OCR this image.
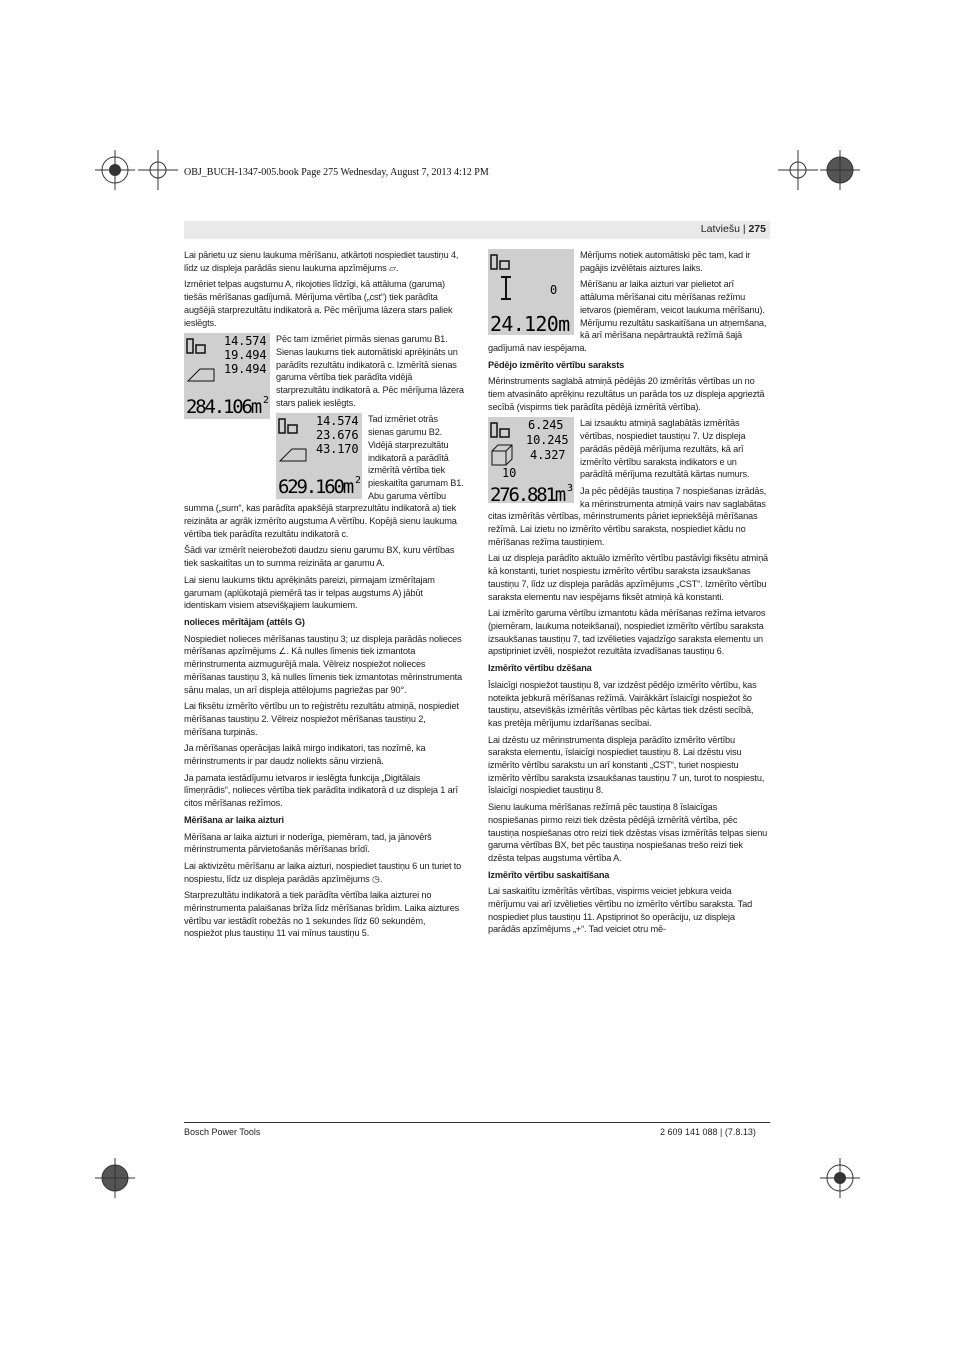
OBJ_BUCH-1347-005.book Page 275 Wednesday, August 7, 2013 4:12 PM
Latviešu | 275

Lai pārietu uz sienu laukuma mērīšanu, atkārtoti nospiediet taustiņu 4, līdz uz displeja parādās sienu laukuma apzīmējums ▱.

Izmēriet telpas augstumu A, rikojoties līdzīgi, kā attāluma (garuma) tiešās mērīšanas gadījumā. Mērījuma vērtība („cst“) tiek parādīta augšējā starprezultātu indikatorā a. Pēc mērījuma lāzera stars paliek ieslēgts.

14.574
19.494
19.494
284.106m 2

Pēc tam izmēriet pirmās sienas garumu B1. Sienas laukums tiek automātiski aprēķināts un parādīts rezultātu indikatorā c. Izmērītā sienas garuma vērtība tiek parādīta vidējā starprezultātu indikatorā a. Pēc mērījuma lāzera stars paliek ieslēgts.

14.574
23.676
43.170
629.160m 2

Tad izmēriet otrās sienas garumu B2. Vidējā starprezultātu indikatorā a parādītā izmērītā vērtība tiek pieskaitīta garumam B1. Abu garuma vērtību summa („sum“, kas parādīta apakšējā starprezultātu indikatorā a) tiek reizināta ar agrāk izmērīto augstuma A vērtību. Kopējā sienu laukuma vērtība tiek parādīta rezultātu indikatorā c.

Šādi var izmērīt neierobežoti daudzu sienu garumu BX, kuru vērtības tiek saskaitītas un to summa reizināta ar garumu A.

Lai sienu laukums tiktu aprēķināts pareizi, pirmajam izmērītajam garumam (aplūkotajā piemērā tas ir telpas augstums A) jābūt identiskam visiem atsevišķajiem laukumiem.

nolieces mērītājam (attēls G)

Nospiediet nolieces mērīšanas taustiņu 3; uz displeja parādās nolieces mērīšanas apzīmējums ∠. Kā nulles līmenis tiek izmantota mērinstrumenta aizmugurējā mala. Vēlreiz nospiežot nolieces mērīšanas taustiņu 3, kā nulles līmenis tiek izmantotas mērinstrumenta sānu malas, un arī displeja attēlojums pagriežas par 90°.

Lai fiksētu izmērīto vērtību un to reģistrētu rezultātu atmiņā, nospiediet mērīšanas taustiņu 2. Vēlreiz nospiežot mērīšanas taustiņu 2, mērīšana turpinās.

Ja mērīšanas operācijas laikā mirgo indikatori, tas nozīmē, ka mērinstruments ir par daudz noliekts sānu virzienā.

Ja pamata iestādījumu ietvaros ir ieslēgta funkcija „Digitālais līmeņrādis“, nolieces vērtība tiek parādīta indikatorā d uz displeja 1 arī citos mērīšanas režīmos.

Mērīšana ar laika aizturi

Mērīšana ar laika aizturi ir noderīga, piemēram, tad, ja jānovērš mērinstrumenta pārvietošanās mērīšanas brīdī.

Lai aktivizētu mērīšanu ar laika aizturi, nospiediet taustiņu 6 un turiet to nospiestu, līdz uz displeja parādās apzīmējums ◷.

Starprezultātu indikatorā a tiek parādīta vērtība laika aizturei no mērinstrumenta palaišanas brīža līdz mērīšanas brīdim. Laika aiztures vērtību var iestādīt robežās no 1 sekundes līdz 60 sekundēm, nospiežot plus taustiņu 11 vai mīnus taustiņu 5.

0
24.120m

Mērījums notiek automātiski pēc tam, kad ir pagājis izvēlētais aiztures laiks.

Mērīšanu ar laika aizturi var pielietot arī attāluma mērīšanai citu mērīšanas režīmu ietvaros (piemēram, veicot laukuma mērīšanu). Mērījumu rezultātu saskaitīšana un atņemšana, kā arī mērīšana nepārtrauktā režīmā šajā gadījumā nav iespējama.

Pēdējo izmērīto vērtību saraksts

Mērinstruments saglabā atmiņā pēdējās 20 izmērītās vērtības un no tiem atvasināto aprēķinu rezultātus un parāda tos uz displeja apgrieztā secībā (vispirms tiek parādīta pēdējā izmērītā vērtība).

6.245
10.245
4.327
10
276.881m 3

Lai izsauktu atmiņā saglabātās izmērītās vērtības, nospiediet taustiņu 7. Uz displeja parādās pēdējā mērījuma rezultāts, kā arī izmērīto vērtību saraksta indikators e un parādītā mērījuma rezultātā kārtas numurs.

Ja pēc pēdējās taustiņa 7 nospiešanas izrādās, ka mērinstrumenta atmiņā vairs nav saglabātas citas izmērītās vērtības, mērinstruments pāriet iepriekšējā mērīšanas režīmā. Lai izietu no izmērīto vērtību saraksta, nospiediet kādu no mērīšanas režīma taustiņiem.

Lai uz displeja parādīto aktuālo izmērīto vērtību pastāvīgi fiksētu atmiņā kā konstanti, turiet nospiestu izmērīto vērtību saraksta izsaukšanas taustiņu 7, līdz uz displeja parādās apzīmējums „CST“. Izmērīto vērtību saraksta elementu nav iespējams fiksēt atmiņā kā konstanti.

Lai izmērīto garuma vērtību izmantotu kāda mērīšanas režīma ietvaros (piemēram, laukuma noteikšanai), nospiediet izmērīto vērtību saraksta izsaukšanas taustiņu 7, tad izvēlieties vajadzīgo saraksta elementu un apstipriniet izvēli, nospiežot rezultāta izvadīšanas taustiņu 6.

Izmērīto vērtību dzēšana

Īslaicīgi nospiežot taustiņu 8, var izdzēst pēdējo izmērīto vērtību, kas noteikta jebkurā mērīšanas režīmā. Vairākkārt īslaicīgi nospiežot šo taustiņu, atsevišķās izmērītās vērtības pēc kārtas tiek dzēsti secībā, kas pretēja mērījumu izdarīšanas secībai.

Lai dzēstu uz mērinstrumenta displeja parādīto izmērīto vērtību saraksta elementu, īslaicīgi nospiediet taustiņu 8. Lai dzēstu visu izmērīto vērtību sarakstu un arī konstanti „CST“, turiet nospiestu izmērīto vērtību saraksta izsaukšanas taustiņu 7 un, turot to nospiestu, īslaicīgi nospiediet taustiņu 8.

Sienu laukuma mērīšanas režīmā pēc taustiņa 8 īslaicīgas nospiešanas pirmo reizi tiek dzēsta pēdējā izmērītā vērtība, pēc taustiņa nospiešanas otro reizi tiek dzēstas visas izmērītās telpas sienu garuma vērtības BX, bet pēc taustiņa nospiešanas trešo reizi tiek dzēsta telpas augstuma vērtība A.

Izmērīto vērtību saskaitīšana

Lai saskaitītu izmērītās vērtības, vispirms veiciet jebkura veida mērījumu vai arī izvēlieties vērtību no izmērīto vērtību saraksta. Tad nospiediet plus taustiņu 11. Apstiprinot šo operāciju, uz displeja parādās apzīmējums „+“. Tad veiciet otru mē-

Bosch Power Tools	2 609 141 088 | (7.8.13)
